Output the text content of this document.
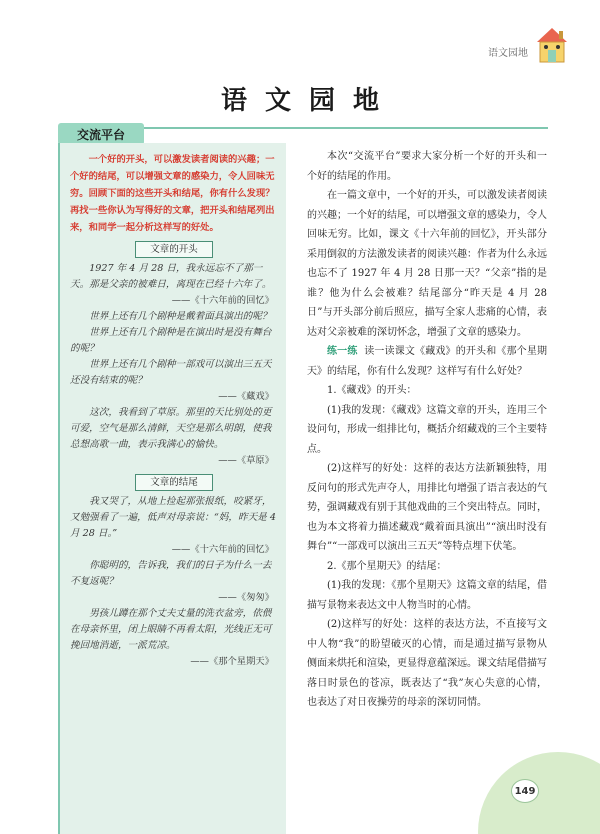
语文园地
语 文 园 地
交流平台

一个好的开头，可以激发读者阅读的兴趣；一个好的结尾，可以增强文章的感染力，令人回味无穷。回顾下面的这些开头和结尾，你有什么发现？再找一些你认为写得好的文章，把开头和结尾列出来，和同学一起分析这样写的好处。

文章的开头

1927 年 4 月 28 日，我永远忘不了那一天。那是父亲的被难日，离现在已经十六年了。

——《十六年前的回忆》

世界上还有几个剧种是戴着面具演出的呢？

世界上还有几个剧种是在演出时是没有舞台的呢？

世界上还有几个剧种一部戏可以演出三五天还没有结束的呢？

——《藏戏》

这次，我看到了草原。那里的天比别处的更可爱，空气是那么清鲜，天空是那么明朗，使我总想高歌一曲，表示我满心的愉快。

——《草原》

文章的结尾

我又哭了，从地上捡起那张报纸，咬紧牙，又勉强看了一遍，低声对母亲说：“妈，昨天是 4 月 28 日。”

——《十六年前的回忆》

你聪明的，告诉我，我们的日子为什么一去不复返呢？

——《匆匆》

男孩儿蹲在那个丈夫丈量的洗衣盆旁，依偎在母亲怀里，闭上眼睛不再看太阳，光线正无可挽回地消逝，一派荒凉。

——《那个星期天》

本次“交流平台”要求大家分析一个好的开头和一个好的结尾的作用。

在一篇文章中，一个好的开头，可以激发读者阅读的兴趣；一个好的结尾，可以增强文章的感染力，令人回味无穷。比如，课文《十六年前的回忆》，开头部分采用倒叙的方法激发读者的阅读兴趣：作者为什么永远也忘不了 1927 年 4 月 28 日那一天？“父亲”指的是谁？他为什么会被难？结尾部分“昨天是 4 月 28 日”与开头部分前后照应，描写全家人悲痛的心情，表达对父亲被难的深切怀念，增强了文章的感染力。

练一练 读一读课文《藏戏》的开头和《那个星期天》的结尾，你有什么发现？这样写有什么好处？

1.《藏戏》的开头：

(1)我的发现：《藏戏》这篇文章的开头，连用三个设问句，形成一组排比句，概括介绍藏戏的三个主要特点。

(2)这样写的好处：这样的表达方法新颖独特，用反问句的形式先声夺人，用排比句增强了语言表达的气势，强调藏戏有别于其他戏曲的三个突出特点。同时，也为本文将着力描述藏戏“戴着面具演出”“演出时没有舞台”“一部戏可以演出三五天”等特点埋下伏笔。

2.《那个星期天》的结尾：

(1)我的发现：《那个星期天》这篇文章的结尾，借描写景物来表达文中人物当时的心情。

(2)这样写的好处：这样的表达方法，不直接写文中人物“我”的盼望破灭的心情，而是通过描写景物从侧面来烘托和渲染，更显得意蕴深远。课文结尾借描写落日时景色的苍凉，既表达了“我”灰心失意的心情，也表达了对日夜操劳的母亲的深切同情。

149
